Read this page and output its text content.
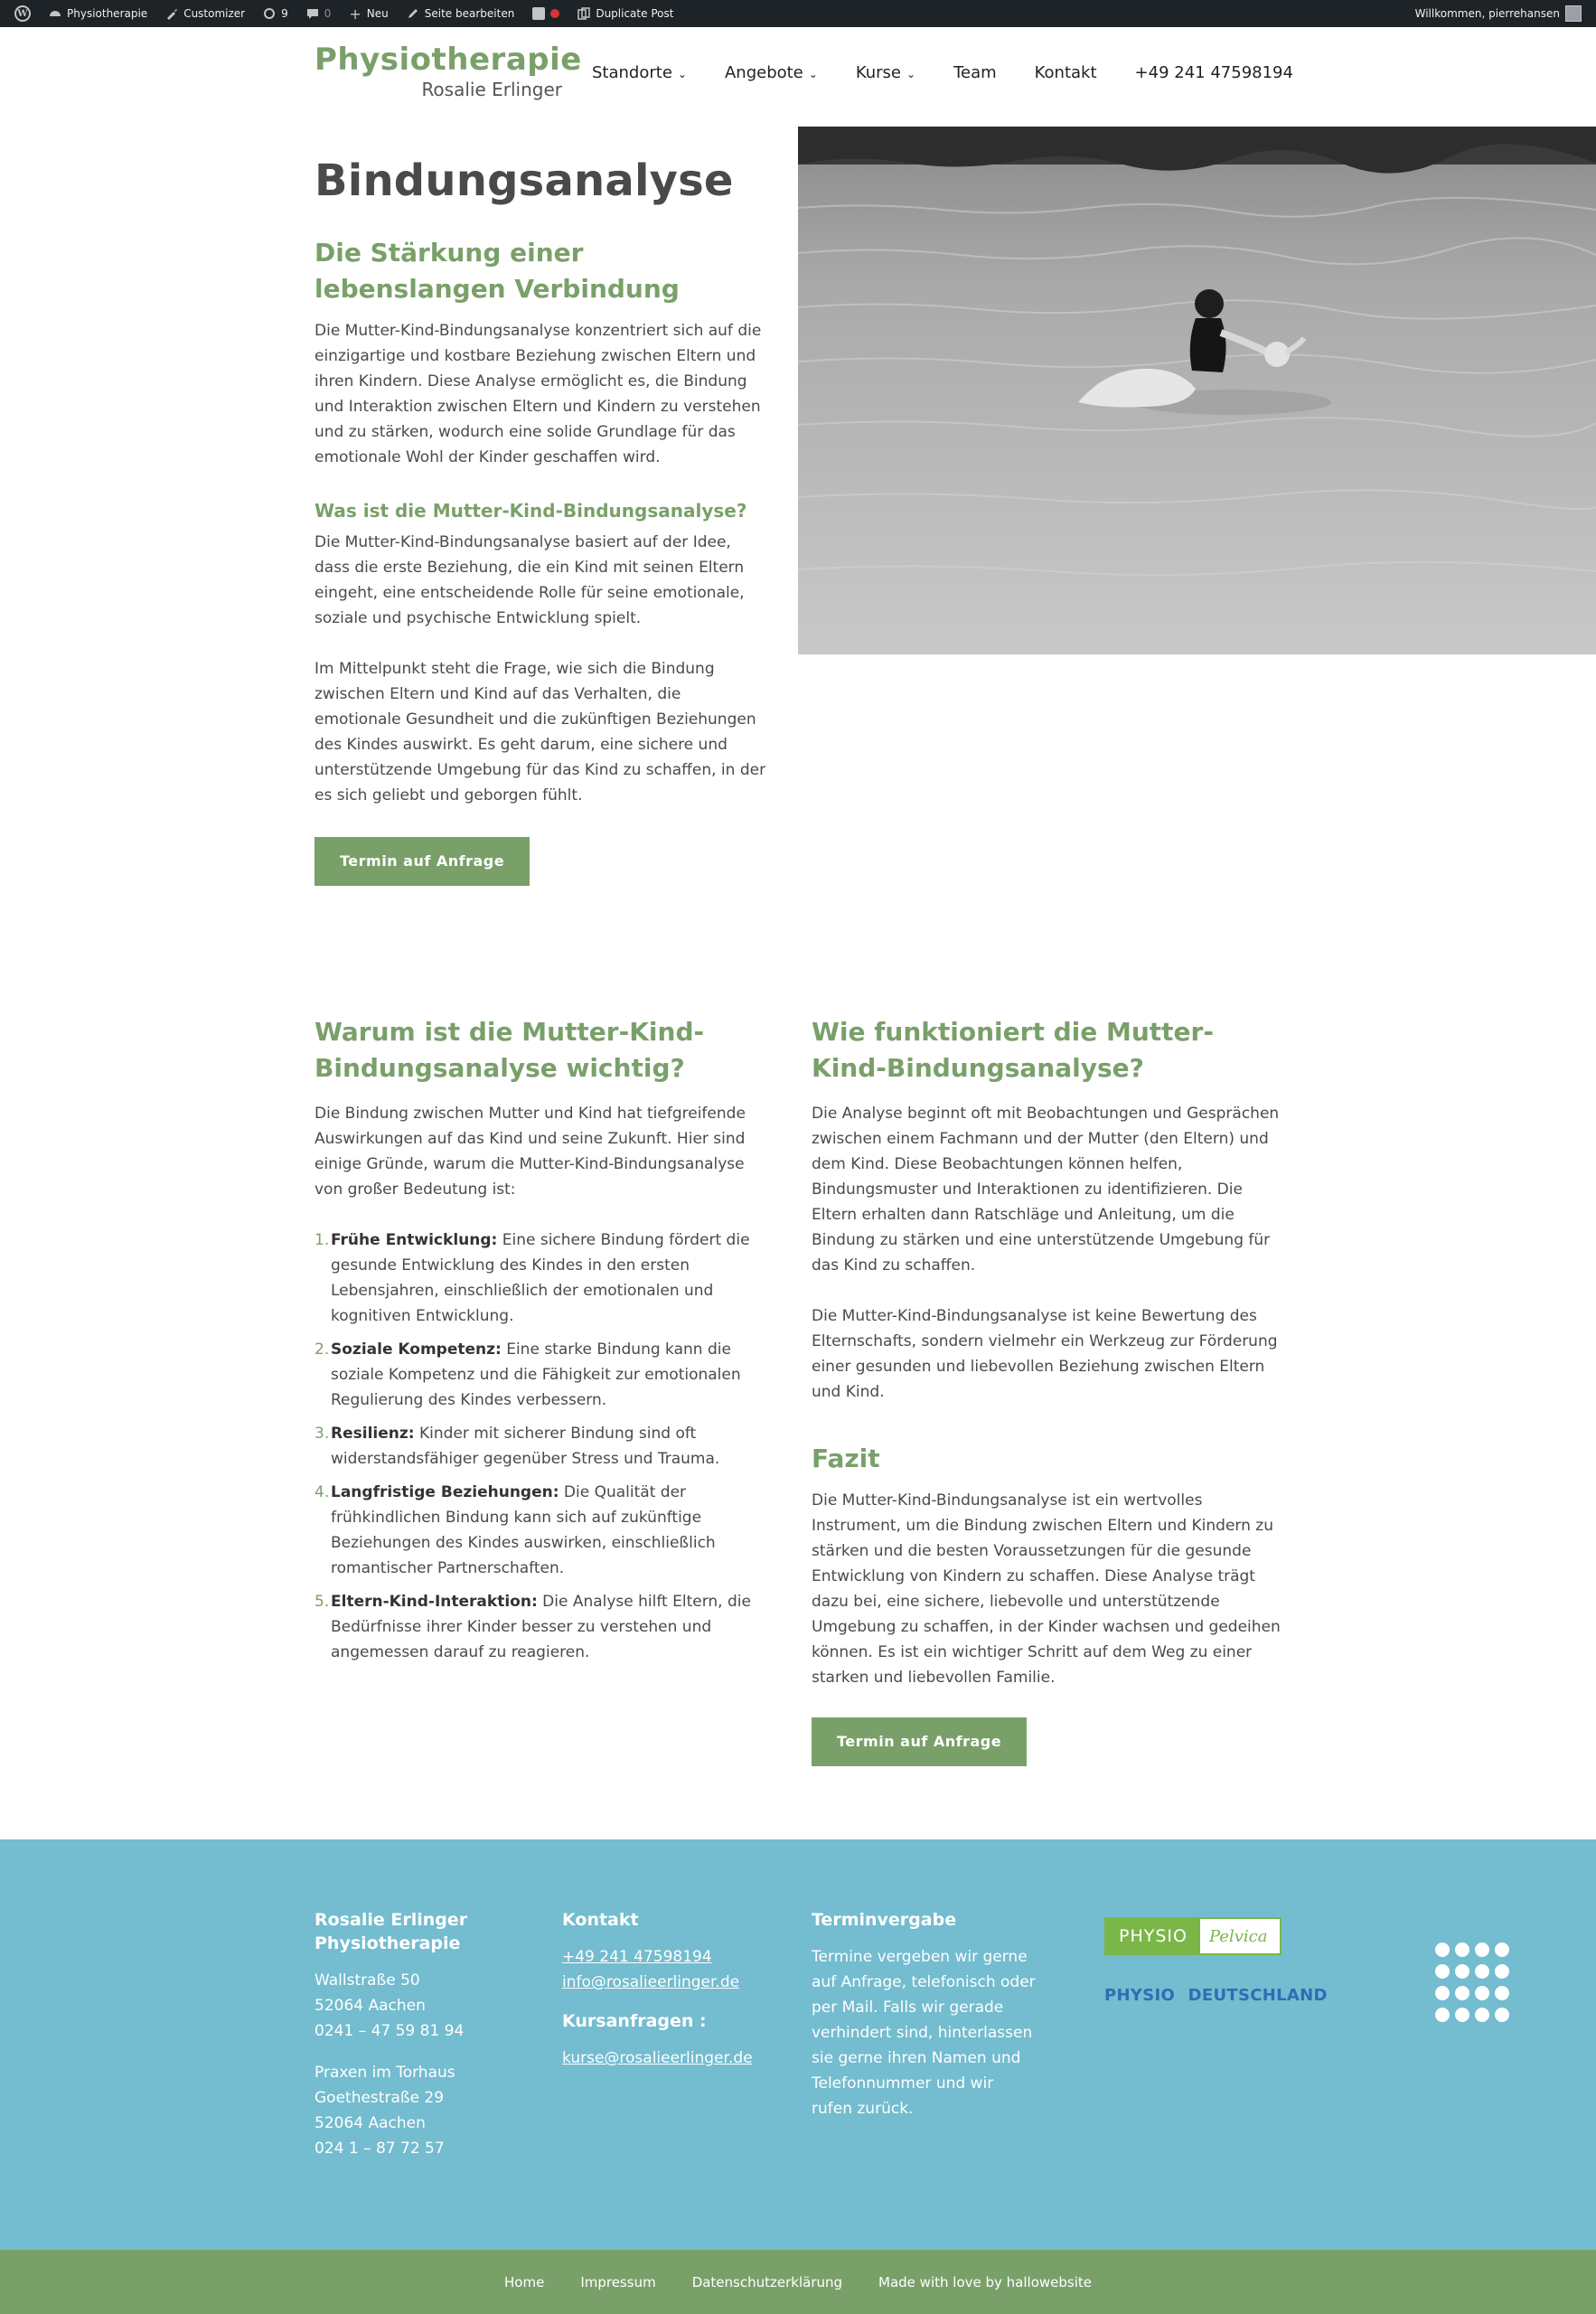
W	Physiotherapie	Customizer	9	0 + Neu	Seite bearbeiten	Duplicate Post	Willkommen, pierrehansen
Physiotherapie
Rosalie Erlinger
Standorte ⌄ Angebote ⌄ Kurse ⌄ Team Kontakt +49 241 47598194
Bindungsanalyse
Die Stärkung einer lebenslangen Verbindung

Die Mutter-Kind-Bindungsanalyse konzentriert sich auf die einzigartige und kostbare Beziehung zwischen Eltern und ihren Kindern. Diese Analyse ermöglicht es, die Bindung und Interaktion zwischen Eltern und Kindern zu verstehen und zu stärken, wodurch eine solide Grundlage für das emotionale Wohl der Kinder geschaffen wird.

Was ist die Mutter-Kind-Bindungsanalyse?

Die Mutter-Kind-Bindungsanalyse basiert auf der Idee, dass die erste Beziehung, die ein Kind mit seinen Eltern eingeht, eine entscheidende Rolle für seine emotionale, soziale und psychische Entwicklung spielt.

Im Mittelpunkt steht die Frage, wie sich die Bindung zwischen Eltern und Kind auf das Verhalten, die emotionale Gesundheit und die zukünftigen Beziehungen des Kindes auswirkt. Es geht darum, eine sichere und unterstützende Umgebung für das Kind zu schaffen, in der es sich geliebt und geborgen fühlt.

Termin auf Anfrage
Warum ist die Mutter-Kind-Bindungsanalyse wichtig?

Die Bindung zwischen Mutter und Kind hat tiefgreifende Auswirkungen auf das Kind und seine Zukunft. Hier sind einige Gründe, warum die Mutter-Kind-Bindungsanalyse von großer Bedeutung ist:

1. Frühe Entwicklung: Eine sichere Bindung fördert die gesunde Entwicklung des Kindes in den ersten Lebensjahren, einschließlich der emotionalen und kognitiven Entwicklung.
2. Soziale Kompetenz: Eine starke Bindung kann die soziale Kompetenz und die Fähigkeit zur emotionalen Regulierung des Kindes verbessern.
3. Resilienz: Kinder mit sicherer Bindung sind oft widerstandsfähiger gegenüber Stress und Trauma.
4. Langfristige Beziehungen: Die Qualität der frühkindlichen Bindung kann sich auf zukünftige Beziehungen des Kindes auswirken, einschließlich romantischer Partnerschaften.
5. Eltern-Kind-Interaktion: Die Analyse hilft Eltern, die Bedürfnisse ihrer Kinder besser zu verstehen und angemessen darauf zu reagieren.
Wie funktioniert die Mutter-Kind-Bindungsanalyse?

Die Analyse beginnt oft mit Beobachtungen und Gesprächen zwischen einem Fachmann und der Mutter (den Eltern) und dem Kind. Diese Beobachtungen können helfen, Bindungsmuster und Interaktionen zu identifizieren. Die Eltern erhalten dann Ratschläge und Anleitung, um die Bindung zu stärken und eine unterstützende Umgebung für das Kind zu schaffen.

Die Mutter-Kind-Bindungsanalyse ist keine Bewertung des Elternschafts, sondern vielmehr ein Werkzeug zur Förderung einer gesunden und liebevollen Beziehung zwischen Eltern und Kind.

Fazit

Die Mutter-Kind-Bindungsanalyse ist ein wertvolles Instrument, um die Bindung zwischen Eltern und Kindern zu stärken und die besten Voraussetzungen für die gesunde Entwicklung von Kindern zu schaffen. Diese Analyse trägt dazu bei, eine sichere, liebevolle und unterstützende Umgebung zu schaffen, in der Kinder wachsen und gedeihen können. Es ist ein wichtiger Schritt auf dem Weg zu einer starken und liebevollen Familie.

Termin auf Anfrage
Rosalie Erlinger Physiotherapie
Wallstraße 50
52064 Aachen
0241 – 47 59 81 94
Praxen im Torhaus
Goethestraße 29
52064 Aachen
024 1 – 87 72 57
Kontakt
+49 241 47598194
info@rosalieerlinger.de
Kursanfragen :
kurse@rosalieerlinger.de
Terminvergabe

Termine vergeben wir gerne auf Anfrage, telefonisch oder per Mail. Falls wir gerade verhindert sind, hinterlassen sie gerne ihren Namen und Telefonnummer und wir rufen zurück.

PHYSIO	Pelvica
PHYSIO DEUTSCHLAND
Home	Impressum	Datenschutzerklärung	Made with love by hallowebsite
